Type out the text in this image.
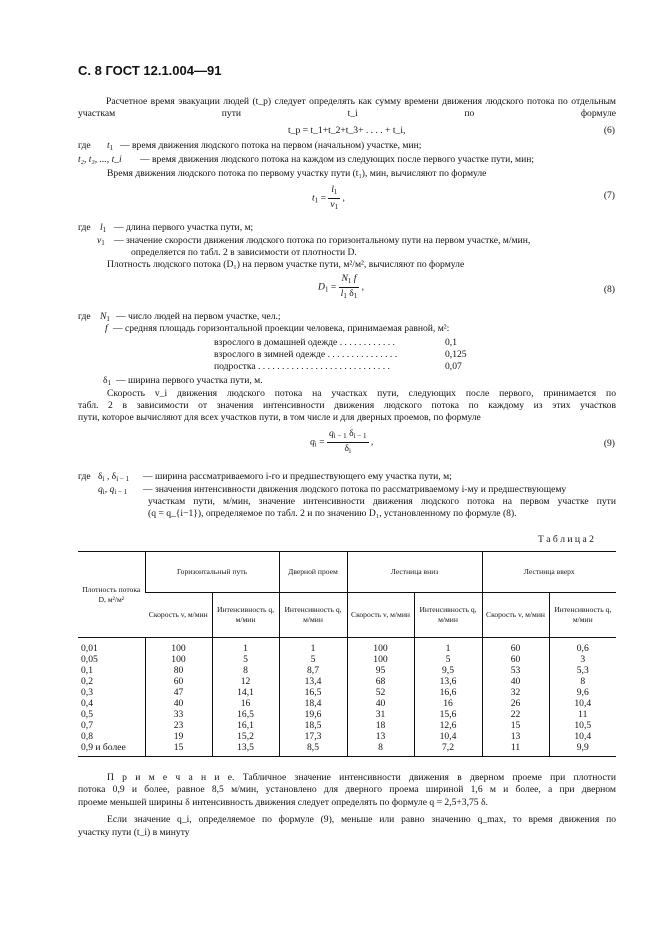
С. 8 ГОСТ 12.1.004—91
Расчетное время эвакуации людей (t_р) следует определять как сумму времени движения людского потока по отдельным участкам пути t_i по формуле
t_р = t_1+t_2+t_3+ . . . . + t_i,	(6)
где $t_1$ — время движения людского потока на первом (начальном) участке, мин;
t₂, t₃, ..., t_i — время движения людского потока на каждом из следующих после первого участке пути, мин;
Время движения людского потока по первому участку пути (t₁), мин, вычисляют по формуле
$t_1 = \frac{l_1}{v_1}$ ,	(7)
где $l_1$ — длина первого участка пути, м;
$v_1$ — значение скорости движения людского потока по горизонтальному пути на первом участке, м/мин,
определяется по табл. 2 в зависимости от плотности D.
Плотность людского потока (D₁) на первом участке пути, м²/м², вычисляют по формуле
$D_1 = \frac{N_1 f}{l_1 \delta_1}$ ,	(8)
где $N_1$ — число людей на первом участке, чел.;
f — средняя площадь горизонтальной проекции человека, принимаемая равной, м²:
взрослого в домашней одежде . . . . . . . . . . . .	0,1
взрослого в зимней одежде . . . . . . . . . . . . . . .	0,125
подростка . . . . . . . . . . . . . . . . . . . . . . . . . . . .	0,07
$\delta_1$ — ширина первого участка пути, м.
Скорость v_i движения людского потока на участках пути, следующих после первого, принимается по
табл. 2 в зависимости от значения интенсивности движения людского потока по каждому из этих участков
пути, которое вычисляют для всех участков пути, в том числе и для дверных проемов, по формуле
$q_i = \frac{q_{i - 1} \delta_{i - 1}}{\delta_i}$ ,	(9)
где $\delta_i$ , $\delta_{i - 1}$ — ширина рассматриваемого i-го и предшествующего ему участка пути, м;
$q_i$, $q_{i - 1}$ — значения интенсивности движения людского потока по рассматриваемому i-му и предшествующему
участкам пути, м/мин, значение интенсивности движения людского потока на первом участке пути
(q = q_{i−1}), определяемое по табл. 2 и по значению D₁, установленному по формуле (8).
Т а б л и ц а 2
Плотность потока D, м²/м²	Горизонтальный путь		Дверной проем	Лестница вниз		Лестница вверх	
	Скорость v, м/мин	Интенсивность q, м/мин	Интенсивность q, м/мин	Скорость v, м/мин	Интенсивность q, м/мин	Скорость v, м/мин	Интенсивность q, м/мин
0,01	100	1	1	100	1	60	0,6
0,05	100	5	5	100	5	60	3
0,1	80	8	8,7	95	9,5	53	5,3
0,2	60	12	13,4	68	13,6	40	8
0,3	47	14,1	16,5	52	16,6	32	9,6
0,4	40	16	18,4	40	16	26	10,4
0,5	33	16,5	19,6	31	15,6	22	11
0,7	23	16,1	18,5	18	12,6	15	10,5
0,8	19	15,2	17,3	13	10,4	13	10,4
0,9 и более	15	13,5	8,5	8	7,2	11	9,9
П р и м е ч а н и е. Табличное значение интенсивности движения в дверном проеме при плотности
потока 0,9 и более, равное 8,5 м/мин, установлено для дверного проема шириной 1,6 м и более, а при дверном
проеме меньшей ширины δ интенсивность движения следует определять по формуле q = 2,5+3,75 δ.
Если значение q_i, определяемое по формуле (9), меньше или равно значению q_max, то время движения по
участку пути (t_i) в минуту
